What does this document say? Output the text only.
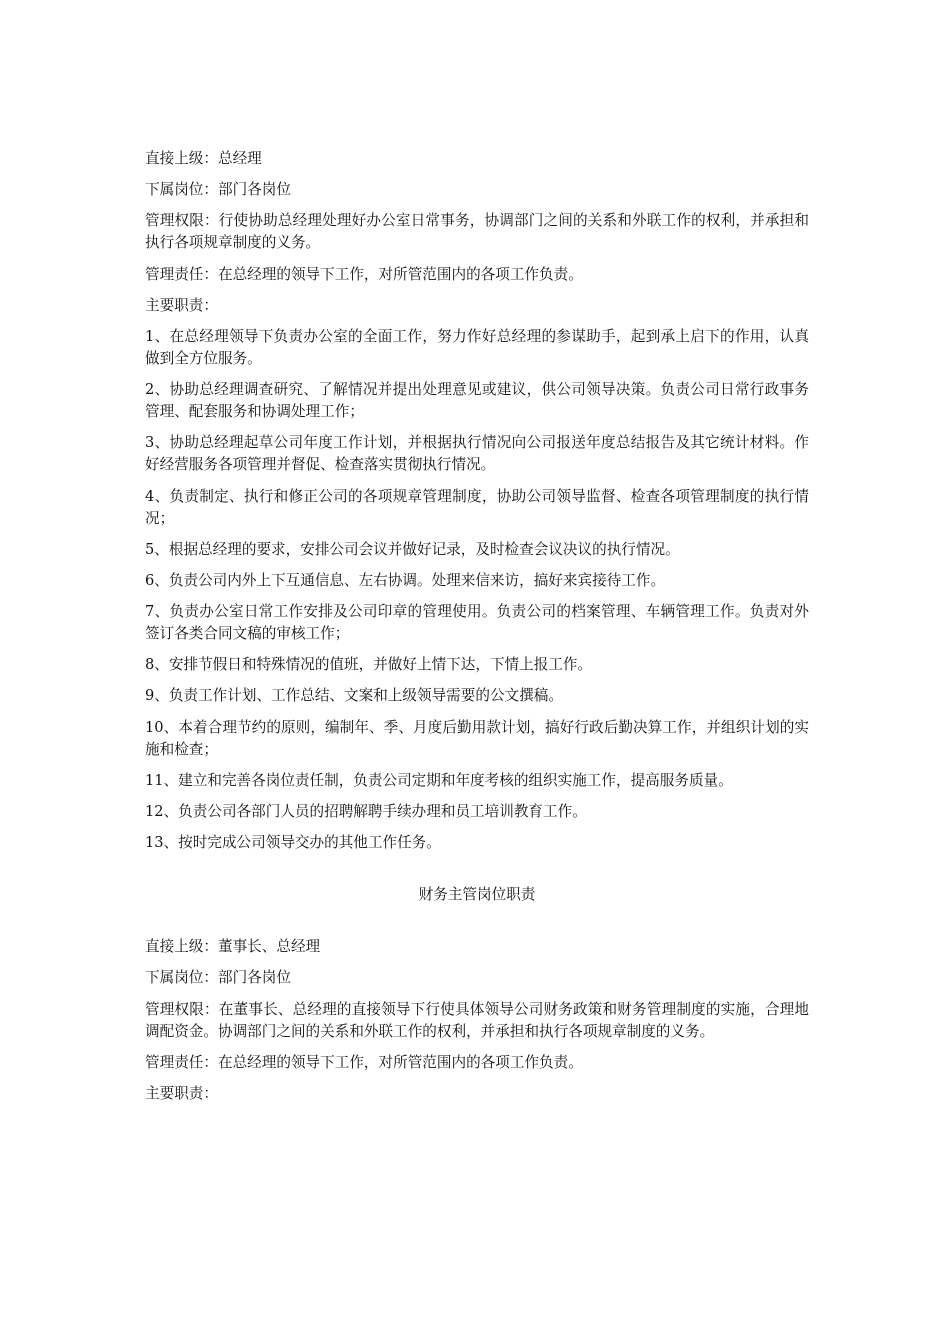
直接上级：总经理

下属岗位：部门各岗位

管理权限：行使协助总经理处理好办公室日常事务，协调部门之间的关系和外联工作的权利，并承担和执行各项规章制度的义务。

管理责任：在总经理的领导下工作，对所管范围内的各项工作负责。

主要职责：

1、在总经理领导下负责办公室的全面工作，努力作好总经理的参谋助手，起到承上启下的作用，认真做到全方位服务。

2、协助总经理调查研究、了解情况并提出处理意见或建议，供公司领导决策。负责公司日常行政事务管理、配套服务和协调处理工作；

3、协助总经理起草公司年度工作计划，并根据执行情况向公司报送年度总结报告及其它统计材料。作好经营服务各项管理并督促、检查落实贯彻执行情况。

4、负责制定、执行和修正公司的各项规章管理制度，协助公司领导监督、检查各项管理制度的执行情况；

5、根据总经理的要求，安排公司会议并做好记录，及时检查会议决议的执行情况。

6、负责公司内外上下互通信息、左右协调。处理来信来访，搞好来宾接待工作。

7、负责办公室日常工作安排及公司印章的管理使用。负责公司的档案管理、车辆管理工作。负责对外签订各类合同文稿的审核工作；

8、安排节假日和特殊情况的值班，并做好上情下达，下情上报工作。

9、负责工作计划、工作总结、文案和上级领导需要的公文撰稿。

10、本着合理节约的原则，编制年、季、月度后勤用款计划，搞好行政后勤决算工作，并组织计划的实施和检查；

11、建立和完善各岗位责任制，负责公司定期和年度考核的组织实施工作，提高服务质量。

12、负责公司各部门人员的招聘解聘手续办理和员工培训教育工作。

13、按时完成公司领导交办的其他工作任务。

财务主管岗位职责

直接上级：董事长、总经理

下属岗位：部门各岗位

管理权限：在董事长、总经理的直接领导下行使具体领导公司财务政策和财务管理制度的实施，合理地调配资金。协调部门之间的关系和外联工作的权利，并承担和执行各项规章制度的义务。

管理责任：在总经理的领导下工作，对所管范围内的各项工作负责。

主要职责：
